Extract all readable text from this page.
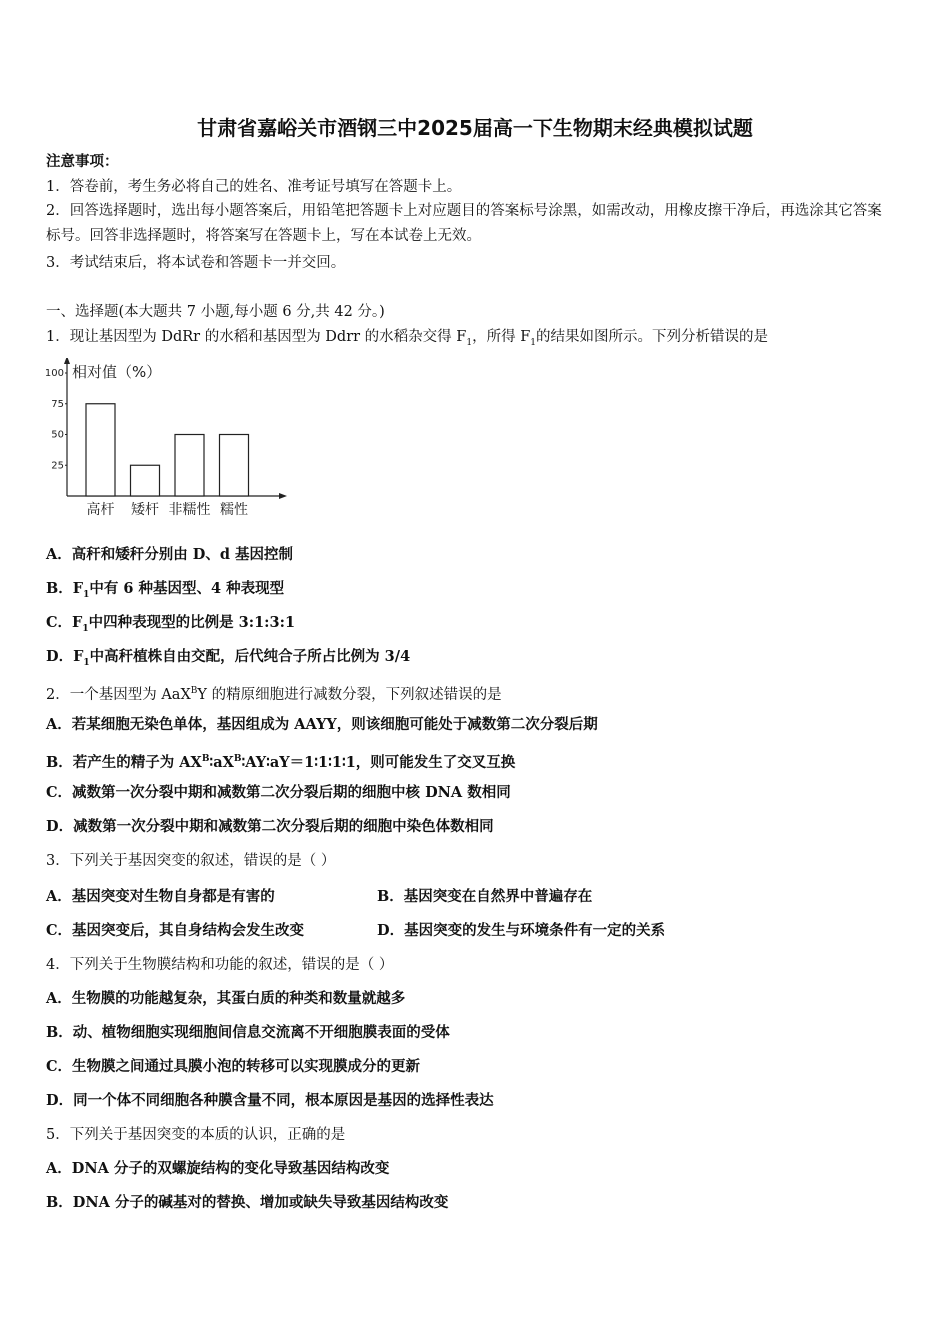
甘肃省嘉峪关市酒钢三中2025届高一下生物期末经典模拟试题
注意事项：
1．答卷前，考生务必将自己的姓名、准考证号填写在答题卡上。
2．回答选择题时，选出每小题答案后，用铅笔把答题卡上对应题目的答案标号涂黑，如需改动，用橡皮擦干净后，再选涂其它答案标号。回答非选择题时，将答案写在答题卡上，写在本试卷上无效。
3．考试结束后，将本试卷和答题卡一并交回。
一、选择题(本大题共 7 小题,每小题 6 分,共 42 分。)
1．现让基因型为 DdRr 的水稻和基因型为 Ddrr 的水稻杂交得 $F_1$，所得 $F_1$的结果如图所示。下列分析错误的是
相对值（%）
100
75
50
25
高杆 矮杆 非糯性 糯性
A．高秆和矮秆分别由 D、d 基因控制
B．$F_1$中有 6 种基因型、4 种表现型
C．$F_1$中四种表现型的比例是 3:1:3:1
D．$F_1$中高秆植株自由交配，后代纯合子所占比例为 3/4
2．一个基因型为 AaX$^B$Y 的精原细胞进行减数分裂，下列叙述错误的是
A．若某细胞无染色单体，基因组成为 AAYY，则该细胞可能处于减数第二次分裂后期
B．若产生的精子为 $AX^B∶aX^B∶AY∶aY=1∶1∶1∶1$，则可能发生了交叉互换
C．减数第一次分裂中期和减数第二次分裂后期的细胞中核 DNA 数相同
D．减数第一次分裂中期和减数第二次分裂后期的细胞中染色体数相同
3．下列关于基因突变的叙述，错误的是（ ）
A．基因突变对生物自身都是有害的	B．基因突变在自然界中普遍存在
C．基因突变后，其自身结构会发生改变	D．基因突变的发生与环境条件有一定的关系
4．下列关于生物膜结构和功能的叙述，错误的是（ ）
A．生物膜的功能越复杂，其蛋白质的种类和数量就越多
B．动、植物细胞实现细胞间信息交流离不开细胞膜表面的受体
C．生物膜之间通过具膜小泡的转移可以实现膜成分的更新
D．同一个体不同细胞各种膜含量不同，根本原因是基因的选择性表达
5．下列关于基因突变的本质的认识，正确的是
A．DNA 分子的双螺旋结构的变化导致基因结构改变
B．DNA 分子的碱基对的替换、增加或缺失导致基因结构改变
